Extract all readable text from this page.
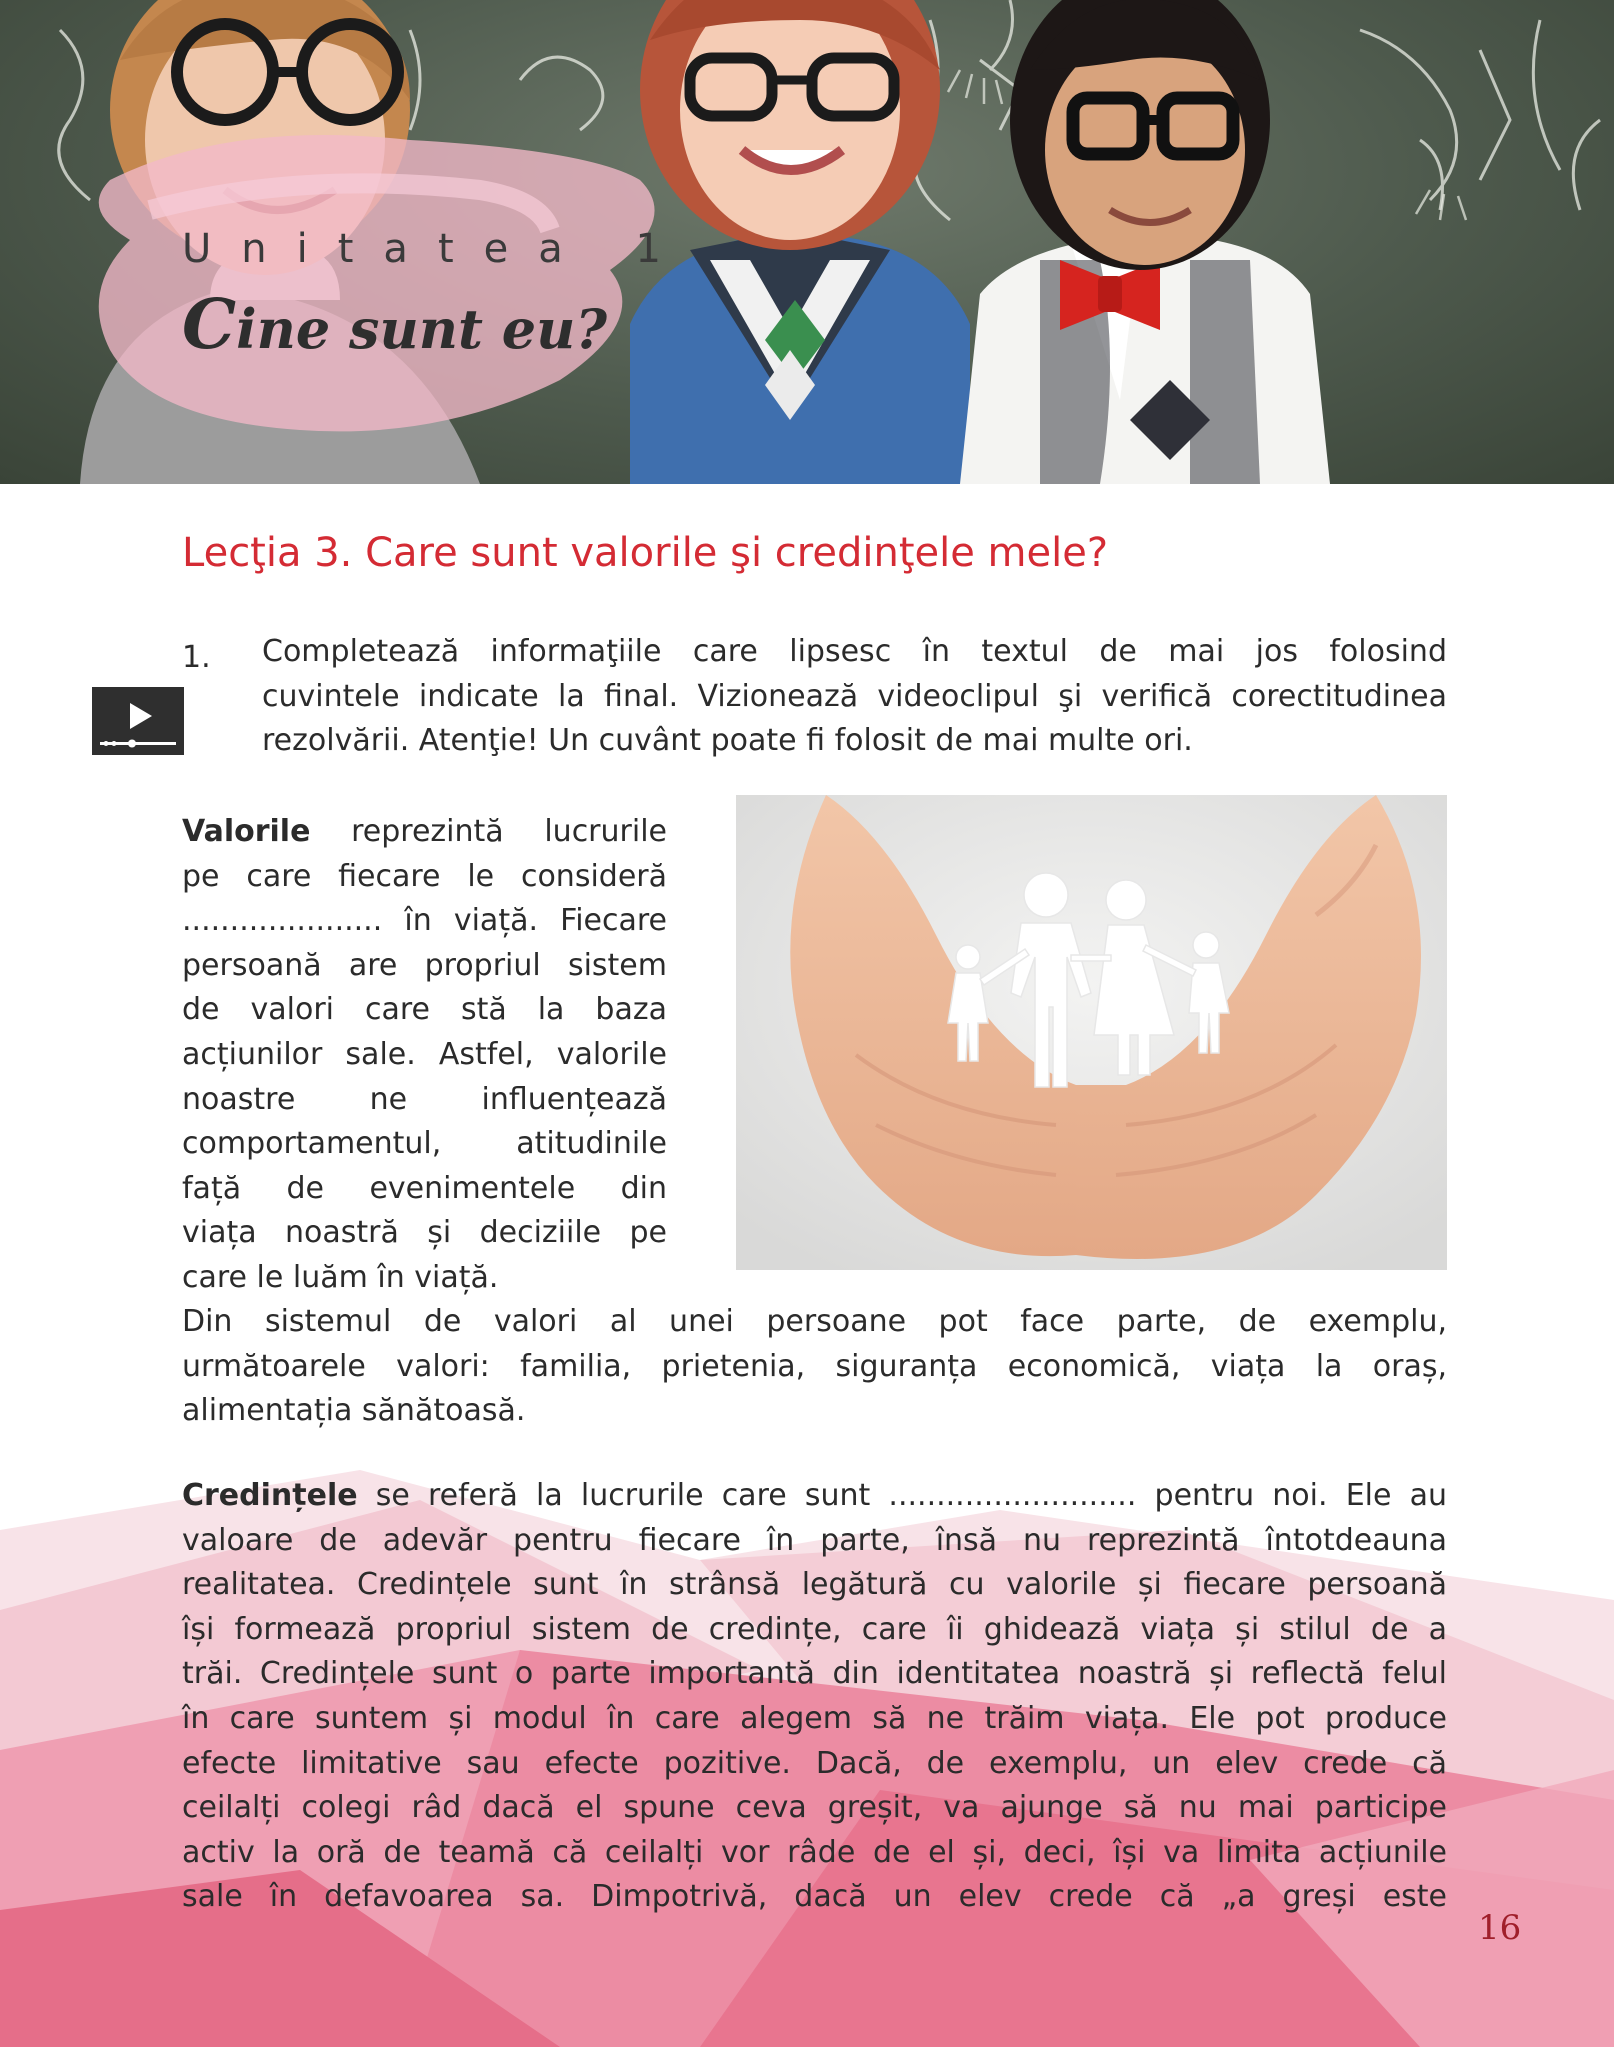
Unitatea 1
Cine sunt eu?
Lecţia 3. Care sunt valorile şi credinţele mele?
1. Completează informaţiile care lipsesc în textul de mai jos folosind
cuvintele indicate la final. Vizionează videoclipul şi verifică corectitudinea
rezolvării. Atenţie! Un cuvânt poate fi folosit de mai multe ori.
Valorile reprezintă lucrurile
pe care fiecare le consideră
..................... în viață. Fiecare
persoană are propriul sistem
de valori care stă la baza
acțiunilor sale. Astfel, valorile
noastre ne influențează
comportamentul, atitudinile
față de evenimentele din
viața noastră și deciziile pe
care le luăm în viață.
Din sistemul de valori al unei persoane pot face parte, de exemplu,
următoarele valori: familia, prietenia, siguranța economică, viața la oraș,
alimentația sănătoasă.
Credințele se referă la lucrurile care sunt .......................... pentru noi. Ele au
valoare de adevăr pentru fiecare în parte, însă nu reprezintă întotdeauna
realitatea. Credințele sunt în strânsă legătură cu valorile și fiecare persoană
își formează propriul sistem de credințe, care îi ghidează viața și stilul de a
trăi. Credințele sunt o parte importantă din identitatea noastră și reflectă felul
în care suntem și modul în care alegem să ne trăim viața. Ele pot produce
efecte limitative sau efecte pozitive. Dacă, de exemplu, un elev crede că
ceilalți colegi râd dacă el spune ceva greșit, va ajunge să nu mai participe
activ la oră de teamă că ceilalți vor râde de el și, deci, își va limita acțiunile
sale în defavoarea sa. Dimpotrivă, dacă un elev crede că „a greși este
16
